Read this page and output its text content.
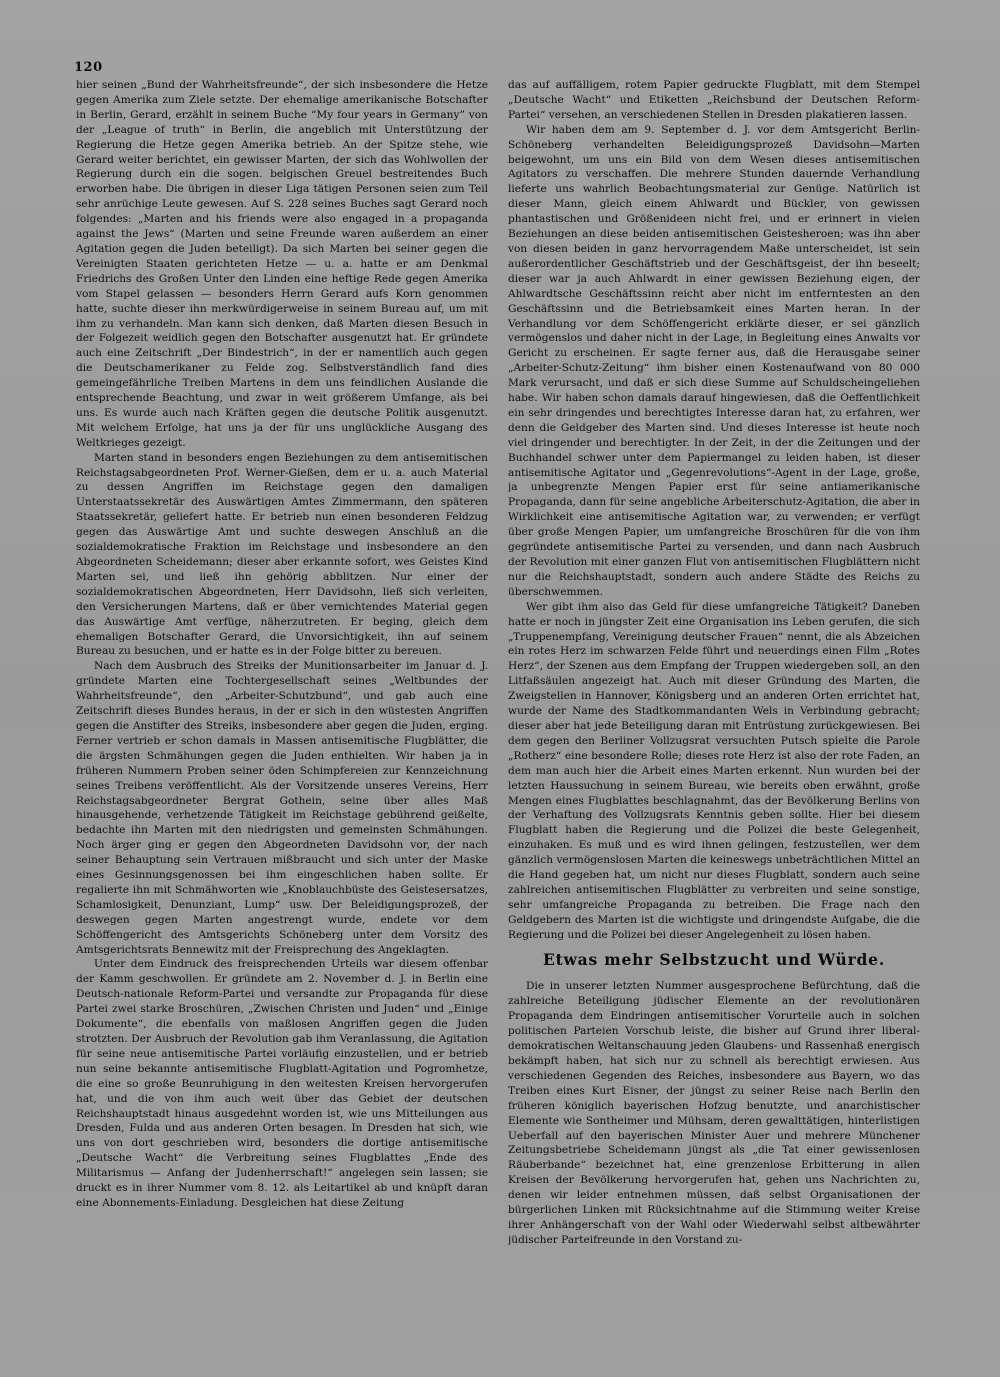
120

hier seinen „Bund der Wahrheitsfreunde“, der sich insbesondere die Hetze gegen Amerika zum Ziele setzte. Der ehemalige amerikanische Botschafter in Berlin, Gerard, erzählt in seinem Buche “My four years in Germany” von der „League of truth“ in Berlin, die angeblich mit Unterstützung der Regierung die Hetze gegen Amerika betrieb. An der Spitze stehe, wie Gerard weiter berichtet, ein gewisser Marten, der sich das Wohlwollen der Regierung durch ein die sogen. belgischen Greuel bestreitendes Buch erworben habe. Die übrigen in dieser Liga tätigen Personen seien zum Teil sehr anrüchige Leute gewesen. Auf S. 228 seines Buches sagt Gerard noch folgendes: „Marten and his friends were also engaged in a propaganda against the Jews“ (Marten und seine Freunde waren außerdem an einer Agitation gegen die Juden beteiligt). Da sich Marten bei seiner gegen die Vereinigten Staaten gerichteten Hetze — u. a. hatte er am Denkmal Friedrichs des Großen Unter den Linden eine heftige Rede gegen Amerika vom Stapel gelassen — besonders Herrn Gerard aufs Korn genommen hatte, suchte dieser ihn merkwürdigerweise in seinem Bureau auf, um mit ihm zu verhandeln. Man kann sich denken, daß Marten diesen Besuch in der Folgezeit weidlich gegen den Botschafter ausgenutzt hat. Er gründete auch eine Zeitschrift „Der Bindestrich“, in der er namentlich auch gegen die Deutschamerikaner zu Felde zog. Selbstverständlich fand dies gemeingefährliche Treiben Martens in dem uns feindlichen Auslande die entsprechende Beachtung, und zwar in weit größerem Umfange, als bei uns. Es wurde auch nach Kräften gegen die deutsche Politik ausgenutzt. Mit welchem Erfolge, hat uns ja der für uns unglückliche Ausgang des Weltkrieges gezeigt.

Marten stand in besonders engen Beziehungen zu dem antisemitischen Reichstagsabgeordneten Prof. Werner-Gießen, dem er u. a. auch Material zu dessen Angriffen im Reichstage gegen den damaligen Unterstaatssekretär des Auswärtigen Amtes Zimmermann, den späteren Staatssekretär, geliefert hatte. Er betrieb nun einen besonderen Feldzug gegen das Auswärtige Amt und suchte deswegen Anschluß an die sozialdemokratische Fraktion im Reichstage und insbesondere an den Abgeordneten Scheidemann; dieser aber erkannte sofort, wes Geistes Kind Marten sei, und ließ ihn gehörig abblitzen. Nur einer der sozialdemokratischen Abgeordneten, Herr Davidsohn, ließ sich verleiten, den Versicherungen Martens, daß er über vernichtendes Material gegen das Auswärtige Amt verfüge, näherzutreten. Er beging, gleich dem ehemaligen Botschafter Gerard, die Unvorsichtigkeit, ihn auf seinem Bureau zu besuchen, und er hatte es in der Folge bitter zu bereuen.

Nach dem Ausbruch des Streiks der Munitionsarbeiter im Januar d. J. gründete Marten eine Tochtergesellschaft seines „Weltbundes der Wahrheitsfreunde“, den „Arbeiter-Schutzbund“, und gab auch eine Zeitschrift dieses Bundes heraus, in der er sich in den wüstesten Angriffen gegen die Anstifter des Streiks, insbesondere aber gegen die Juden, erging. Ferner vertrieb er schon damals in Massen antisemitische Flugblätter, die die ärgsten Schmähungen gegen die Juden enthielten. Wir haben ja in früheren Nummern Proben seiner öden Schimpfereien zur Kennzeichnung seines Treibens veröffentlicht. Als der Vorsitzende unseres Vereins, Herr Reichstagsabgeordneter Bergrat Gothein, seine über alles Maß hinausgehende, verhetzende Tätigkeit im Reichstage gebührend geißelte, bedachte ihn Marten mit den niedrigsten und gemeinsten Schmähungen. Noch ärger ging er gegen den Abgeordneten Davidsohn vor, der nach seiner Behauptung sein Vertrauen mißbraucht und sich unter der Maske eines Gesinnungsgenossen bei ihm eingeschlichen haben sollte. Er regalierte ihn mit Schmähworten wie „Knoblauchbüste des Geistesersatzes, Schamlosigkeit, Denunziant, Lump“ usw. Der Beleidigungsprozeß, der deswegen gegen Marten angestrengt wurde, endete vor dem Schöffengericht des Amtsgerichts Schöneberg unter dem Vorsitz des Amtsgerichtsrats Bennewitz mit der Freisprechung des Angeklagten.

Unter dem Eindruck des freisprechenden Urteils war diesem offenbar der Kamm geschwollen. Er gründete am 2. November d. J. in Berlin eine Deutsch-nationale Reform-Partei und versandte zur Propaganda für diese Partei zwei starke Broschüren, „Zwischen Christen und Juden“ und „Einige Dokumente“, die ebenfalls von maßlosen Angriffen gegen die Juden strotzten. Der Ausbruch der Revolution gab ihm Veranlassung, die Agitation für seine neue antisemitische Partei vorläufig einzustellen, und er betrieb nun seine bekannte antisemitische Flugblatt-Agitation und Pogromhetze, die eine so große Beunruhigung in den weitesten Kreisen hervorgerufen hat, und die von ihm auch weit über das Gebiet der deutschen Reichshauptstadt hinaus ausgedehnt worden ist, wie uns Mitteilungen aus Dresden, Fulda und aus anderen Orten besagen. In Dresden hat sich, wie uns von dort geschrieben wird, besonders die dortige antisemitische „Deutsche Wacht“ die Verbreitung seines Flugblattes „Ende des Militarismus — Anfang der Judenherrschaft!“ angelegen sein lassen; sie druckt es in ihrer Nummer vom 8. 12. als Leitartikel ab und knüpft daran eine Abonnements-Einladung. Desgleichen hat diese Zeitung

das auf auffälligem, rotem Papier gedruckte Flugblatt, mit dem Stempel „Deutsche Wacht“ und Etiketten „Reichsbund der Deutschen Reform-Partei“ versehen, an verschiedenen Stellen in Dresden plakatieren lassen.

Wir haben dem am 9. September d. J. vor dem Amtsgericht Berlin-Schöneberg verhandelten Beleidigungsprozeß Davidsohn—Marten beigewohnt, um uns ein Bild von dem Wesen dieses antisemitischen Agitators zu verschaffen. Die mehrere Stunden dauernde Verhandlung lieferte uns wahrlich Beobachtungsmaterial zur Genüge. Natürlich ist dieser Mann, gleich einem Ahlwardt und Bückler, von gewissen phantastischen und Größenideen nicht frei, und er erinnert in vielen Beziehungen an diese beiden antisemitischen Geistesheroen; was ihn aber von diesen beiden in ganz hervorragendem Maße unterscheidet, ist sein außerordentlicher Geschäftstrieb und der Geschäftsgeist, der ihn beseelt; dieser war ja auch Ahlwardt in einer gewissen Beziehung eigen, der Ahlwardtsche Geschäftssinn reicht aber nicht im entferntesten an den Geschäftssinn und die Betriebsamkeit eines Marten heran. In der Verhandlung vor dem Schöffengericht erklärte dieser, er sei gänzlich vermögenslos und daher nicht in der Lage, in Begleitung eines Anwalts vor Gericht zu erscheinen. Er sagte ferner aus, daß die Herausgabe seiner „Arbeiter-Schutz-Zeitung“ ihm bisher einen Kostenaufwand von 80 000 Mark verursacht, und daß er sich diese Summe auf Schuldscheingeliehen habe. Wir haben schon damals darauf hingewiesen, daß die Oeffentlichkeit ein sehr dringendes und berechtigtes Interesse daran hat, zu erfahren, wer denn die Geldgeber des Marten sind. Und dieses Interesse ist heute noch viel dringender und berechtigter. In der Zeit, in der die Zeitungen und der Buchhandel schwer unter dem Papiermangel zu leiden haben, ist dieser antisemitische Agitator und „Gegenrevolutions“-Agent in der Lage, große, ja unbegrenzte Mengen Papier erst für seine antiamerikanische Propaganda, dann für seine angebliche Arbeiterschutz-Agitation, die aber in Wirklichkeit eine antisemitische Agitation war, zu verwenden; er verfügt über große Mengen Papier, um umfangreiche Broschüren für die von ihm gegründete antisemitische Partei zu versenden, und dann nach Ausbruch der Revolution mit einer ganzen Flut von antisemitischen Flugblättern nicht nur die Reichshauptstadt, sondern auch andere Städte des Reichs zu überschwemmen.

Wer gibt ihm also das Geld für diese umfangreiche Tätigkeit? Daneben hatte er noch in jüngster Zeit eine Organisation ins Leben gerufen, die sich „Truppenempfang, Vereinigung deutscher Frauen“ nennt, die als Abzeichen ein rotes Herz im schwarzen Felde führt und neuerdings einen Film „Rotes Herz“, der Szenen aus dem Empfang der Truppen wiedergeben soll, an den Litfaßsäulen angezeigt hat. Auch mit dieser Gründung des Marten, die Zweigstellen in Hannover, Königsberg und an anderen Orten errichtet hat, wurde der Name des Stadtkommandanten Wels in Verbindung gebracht; dieser aber hat jede Beteiligung daran mit Entrüstung zurückgewiesen. Bei dem gegen den Berliner Vollzugsrat versuchten Putsch spielte die Parole „Rotherz“ eine besondere Rolle; dieses rote Herz ist also der rote Faden, an dem man auch hier die Arbeit eines Marten erkennt. Nun wurden bei der letzten Haussuchung in seinem Bureau, wie bereits oben erwähnt, große Mengen eines Flugblattes beschlagnahmt, das der Bevölkerung Berlins von der Verhaftung des Vollzugsrats Kenntnis geben sollte. Hier bei diesem Flugblatt haben die Regierung und die Polizei die beste Gelegenheit, einzuhaken. Es muß und es wird ihnen gelingen, festzustellen, wer dem gänzlich vermögenslosen Marten die keineswegs unbeträchtlichen Mittel an die Hand gegeben hat, um nicht nur dieses Flugblatt, sondern auch seine zahlreichen antisemitischen Flugblätter zu verbreiten und seine sonstige, sehr umfangreiche Propaganda zu betreiben. Die Frage nach den Geldgebern des Marten ist die wichtigste und dringendste Aufgabe, die die Regierung und die Polizei bei dieser Angelegenheit zu lösen haben.

Etwas mehr Selbstzucht und Würde.

Die in unserer letzten Nummer ausgesprochene Befürchtung, daß die zahlreiche Beteiligung jüdischer Elemente an der revolutionären Propaganda dem Eindringen antisemitischer Vorurteile auch in solchen politischen Parteien Vorschub leiste, die bisher auf Grund ihrer liberal-demokratischen Weltanschauung jeden Glaubens- und Rassenhaß energisch bekämpft haben, hat sich nur zu schnell als berechtigt erwiesen. Aus verschiedenen Gegenden des Reiches, insbesondere aus Bayern, wo das Treiben eines Kurt Eisner, der jüngst zu seiner Reise nach Berlin den früheren königlich bayerischen Hofzug benutzte, und anarchistischer Elemente wie Sontheimer und Mühsam, deren gewalttätigen, hinterlistigen Ueberfall auf den bayerischen Minister Auer und mehrere Münchener Zeitungsbetriebe Scheidemann jüngst als „die Tat einer gewissenlosen Räuberbande“ bezeichnet hat, eine grenzenlose Erbitterung in allen Kreisen der Bevölkerung hervorgerufen hat, gehen uns Nachrichten zu, denen wir leider entnehmen müssen, daß selbst Organisationen der bürgerlichen Linken mit Rücksichtnahme auf die Stimmung weiter Kreise ihrer Anhängerschaft von der Wahl oder Wiederwahl selbst altbewährter jüdischer Parteifreunde in den Vorstand zu-
